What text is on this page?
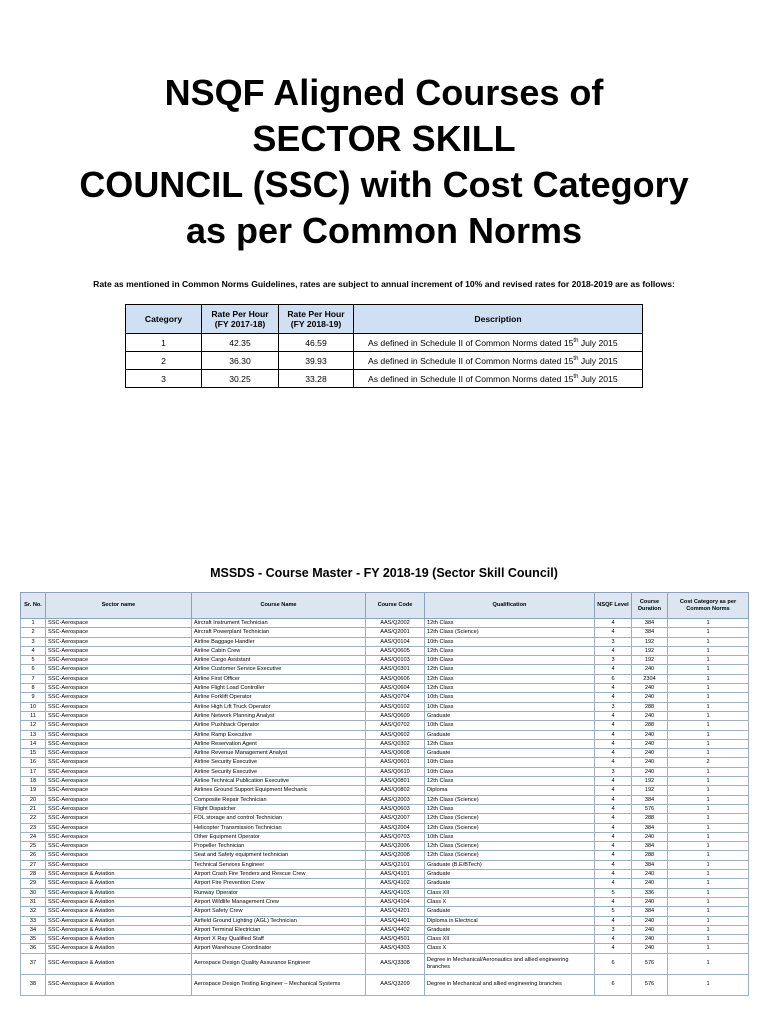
NSQF Aligned Courses of
SECTOR SKILL
COUNCIL (SSC) with Cost Category
as per Common Norms
Rate as mentioned in Common Norms Guidelines, rates are subject to annual increment of 10% and revised rates for 2018-2019 are as follows:
Category	Rate Per Hour (FY 2017-18)	Rate Per Hour (FY 2018-19)	Description
1	42.35	46.59	As defined in Schedule II of Common Norms dated 15th July 2015
2	36.30	39.93	As defined in Schedule II of Common Norms dated 15th July 2015
3	30.25	33.28	As defined in Schedule II of Common Norms dated 15th July 2015
MSSDS - Course Master - FY 2018-19 (Sector Skill Council)
Sr. No.	Sector name	Course Name	Course Code	Qualification	NSQF Level	Course Duration	Cost Category as per Common Norms
1	SSC-Aerospace	Aircraft Instrument Technician	AAS/Q2002	12th Class	4	384	1
2	SSC-Aerospace	Aircraft Powerplant Technician	AAS/Q2001	12th Class (Science)	4	384	1
3	SSC-Aerospace	Airline Baggage Handler	AAS/Q0104	10th Class	3	192	1
4	SSC-Aerospace	Airline Cabin Crew	AAS/Q0605	12th Class	4	192	1
5	SSC-Aerospace	Airline Cargo Assistant	AAS/Q0103	10th Class	3	192	1
6	SSC-Aerospace	Airline Customer Service Executive	AAS/Q0301	12th Class	4	240	1
7	SSC-Aerospace	Airline First Officer	AAS/Q0606	12th Class	6	2304	1
8	SSC-Aerospace	Airline Flight Load Controller	AAS/Q0604	12th Class	4	240	1
9	SSC-Aerospace	Airline Forklift Operator	AAS/Q0704	10th Class	4	240	1
10	SSC-Aerospace	Airline High Lift Truck Operator	AAS/Q0102	10th Class	3	288	1
11	SSC-Aerospace	Airline Network Planning Analyst	AAS/Q0609	Graduate	4	240	1
12	SSC-Aerospace	Airline Pushback Operator	AAS/Q0702	10th Class	4	288	1
13	SSC-Aerospace	Airline Ramp Executive	AAS/Q0602	Graduate	4	240	1
14	SSC-Aerospace	Airline Reservation Agent	AAS/Q0302	12th Class	4	240	1
15	SSC-Aerospace	Airline Revenue Management Analyst	AAS/Q0608	Graduate	4	240	1
16	SSC-Aerospace	Airline Security Executive	AAS/Q0601	10th Class	4	240	2
17	SSC-Aerospace	Airline Security Executive	AAS/Q0610	10th Class	3	240	1
18	SSC-Aerospace	Airline Technical Publication Executive	AAS/Q0801	12th Class	4	192	1
19	SSC-Aerospace	Airlines Ground Support Equipment Mechanic	AAS/Q0802	Diploma	4	192	1
20	SSC-Aerospace	Composite Repair Technician	AAS/Q2003	12th Class (Science)	4	384	1
21	SSC-Aerospace	Flight Dispatcher	AAS/Q0603	12th Class	4	576	1
22	SSC-Aerospace	FOL storage and control Technician	AAS/Q2007	12th Class (Science)	4	288	1
23	SSC-Aerospace	Helicopter Transmission Technician	AAS/Q2004	12th Class (Science)	4	384	1
24	SSC-Aerospace	Other Equipment Operator	AAS/Q0703	10th Class	4	240	1
25	SSC-Aerospace	Propeller Technician	AAS/Q2006	12th Class (Science)	4	384	1
26	SSC-Aerospace	Seat and Safety equipment technician	AAS/Q2008	12th Class (Science)	4	288	1
27	SSC-Aerospace	Technical Services Engineer	AAS/Q2101	Graduate (B.E/BTech)	4	384	1
28	SSC-Aerospace & Aviation	Airport Crash Fire Tenders and Rescue Crew	AAS/Q4101	Graduate	4	240	1
29	SSC-Aerospace & Aviation	Airport Fire Prevention Crew	AAS/Q4102	Graduate	4	240	1
30	SSC-Aerospace & Aviation	Runway Operator	AAS/Q4103	Class XII	5	336	1
31	SSC-Aerospace & Aviation	Airport Wildlife Management Crew	AAS/Q4104	Class X	4	240	1
32	SSC-Aerospace & Aviation	Airport Safety Crew	AAS/Q4201	Graduate	5	384	1
33	SSC-Aerospace & Aviation	Airfield Ground Lighting (AGL) Technician	AAS/Q4401	Diploma in Electrical	4	240	1
34	SSC-Aerospace & Aviation	Airport Terminal Electrician	AAS/Q4402	Graduate	3	240	1
35	SSC-Aerospace & Aviation	Airport X Ray Qualified Staff	AAS/Q4501	Class XII	4	240	1
36	SSC-Aerospace & Aviation	Airport Warehouse Coordinator	AAS/Q4303	Class X	4	240	1
37	SSC-Aerospace & Aviation	Aerospace Design Quality Assurance Engineer	AAS/Q3308	Degree in Mechanical/Aeronautics and allied engineering branches	6	576	1
38	SSC-Aerospace & Aviation	Aerospace Design Testing Engineer – Mechanical Systems	AAS/Q3209	Degree in Mechanical and allied engineering branches	6	576	1
